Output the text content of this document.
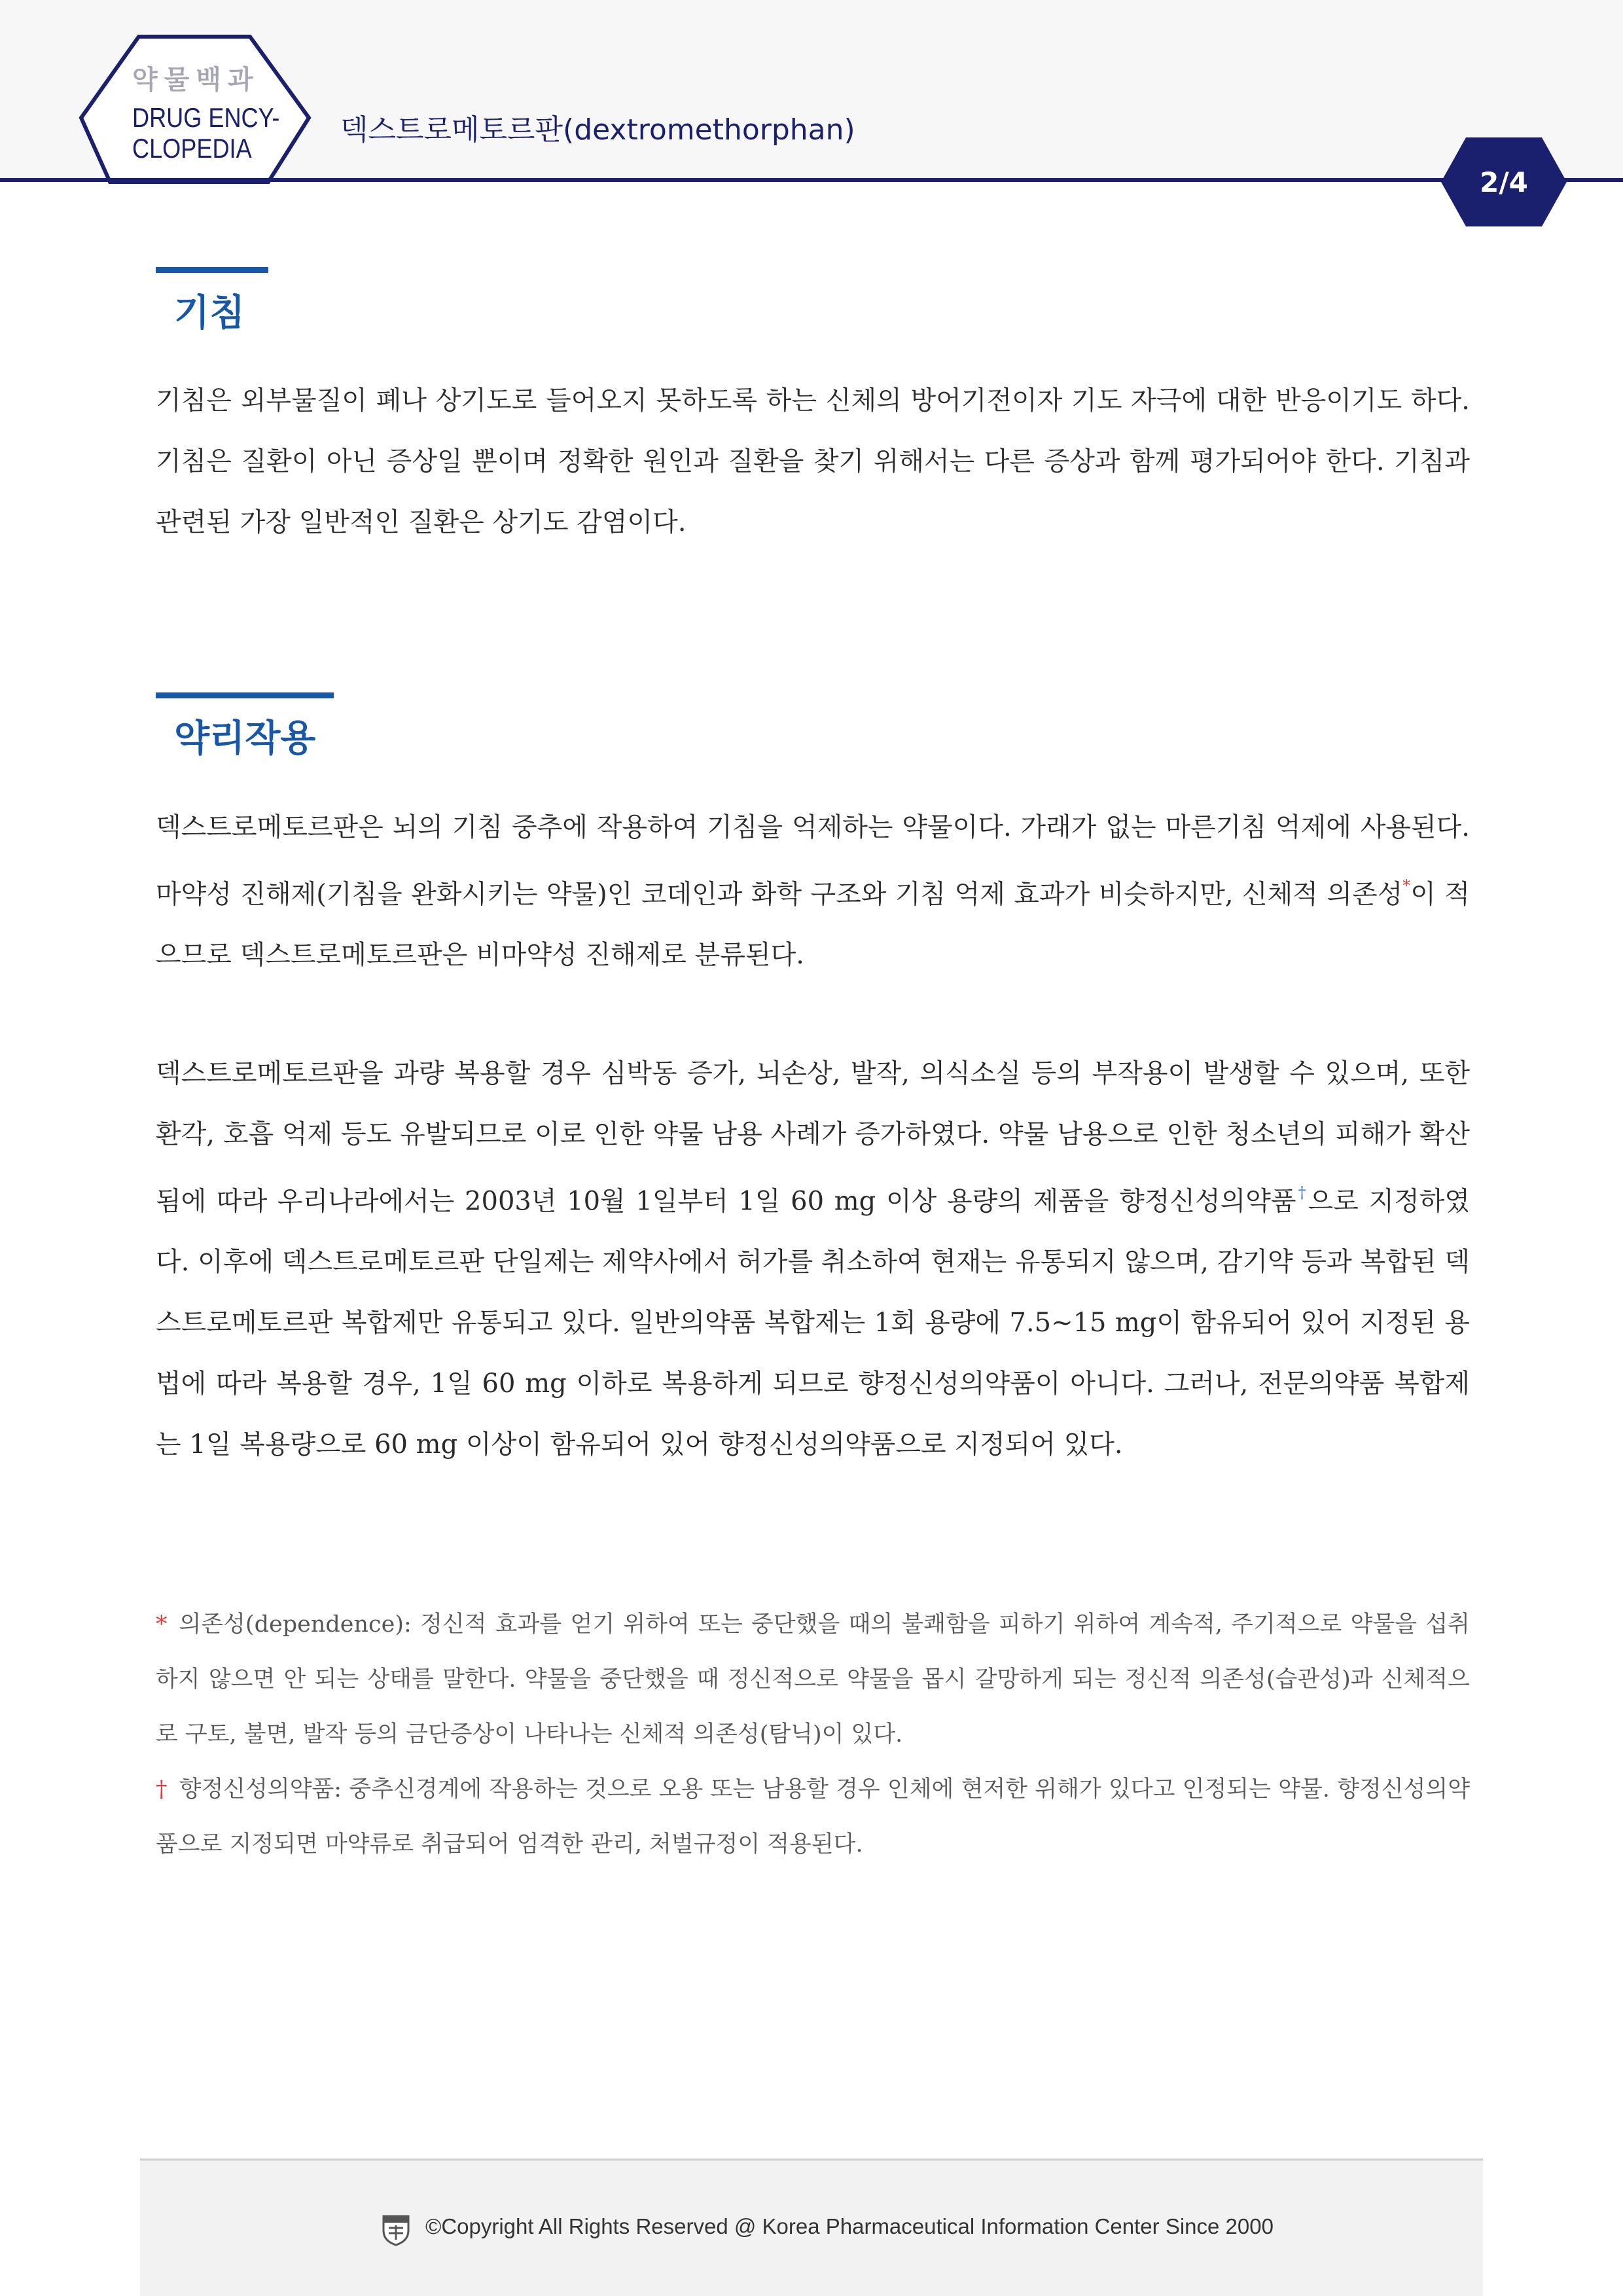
약물백과
DRUG ENCY-
CLOPEDIA
덱스트로메토르판(dextromethorphan)
2/4
기침

기침은 외부물질이 폐나 상기도로 들어오지 못하도록 하는 신체의 방어기전이자 기도 자극에 대한 반응이기도 하다. 기침은 질환이 아닌 증상일 뿐이며 정확한 원인과 질환을 찾기 위해서는 다른 증상과 함께 평가되어야 한다. 기침과 관련된 가장 일반적인 질환은 상기도 감염이다.

약리작용

덱스트로메토르판은 뇌의 기침 중추에 작용하여 기침을 억제하는 약물이다. 가래가 없는 마른기침 억제에 사용된다. 마약성 진해제(기침을 완화시키는 약물)인 코데인과 화학 구조와 기침 억제 효과가 비슷하지만, 신체적 의존성*이 적으므로 덱스트로메토르판은 비마약성 진해제로 분류된다.

덱스트로메토르판을 과량 복용할 경우 심박동 증가, 뇌손상, 발작, 의식소실 등의 부작용이 발생할 수 있으며, 또한 환각, 호흡 억제 등도 유발되므로 이로 인한 약물 남용 사례가 증가하였다. 약물 남용으로 인한 청소년의 피해가 확산됨에 따라 우리나라에서는 2003년 10월 1일부터 1일 60 mg 이상 용량의 제품을 향정신성의약품†으로 지정하였다. 이후에 덱스트로메토르판 단일제는 제약사에서 허가를 취소하여 현재는 유통되지 않으며, 감기약 등과 복합된 덱스트로메토르판 복합제만 유통되고 있다. 일반의약품 복합제는 1회 용량에 7.5~15 mg이 함유되어 있어 지정된 용법에 따라 복용할 경우, 1일 60 mg 이하로 복용하게 되므로 향정신성의약품이 아니다. 그러나, 전문의약품 복합제는 1일 복용량으로 60 mg 이상이 함유되어 있어 향정신성의약품으로 지정되어 있다.

* 의존성(dependence): 정신적 효과를 얻기 위하여 또는 중단했을 때의 불쾌함을 피하기 위하여 계속적, 주기적으로 약물을 섭취하지 않으면 안 되는 상태를 말한다. 약물을 중단했을 때 정신적으로 약물을 몹시 갈망하게 되는 정신적 의존성(습관성)과 신체적으로 구토, 불면, 발작 등의 금단증상이 나타나는 신체적 의존성(탐닉)이 있다.

† 향정신성의약품: 중추신경계에 작용하는 것으로 오용 또는 남용할 경우 인체에 현저한 위해가 있다고 인정되는 약물. 향정신성의약품으로 지정되면 마약류로 취급되어 엄격한 관리, 처벌규정이 적용된다.

©Copyright All Rights Reserved @ Korea Pharmaceutical Information Center Since 2000
